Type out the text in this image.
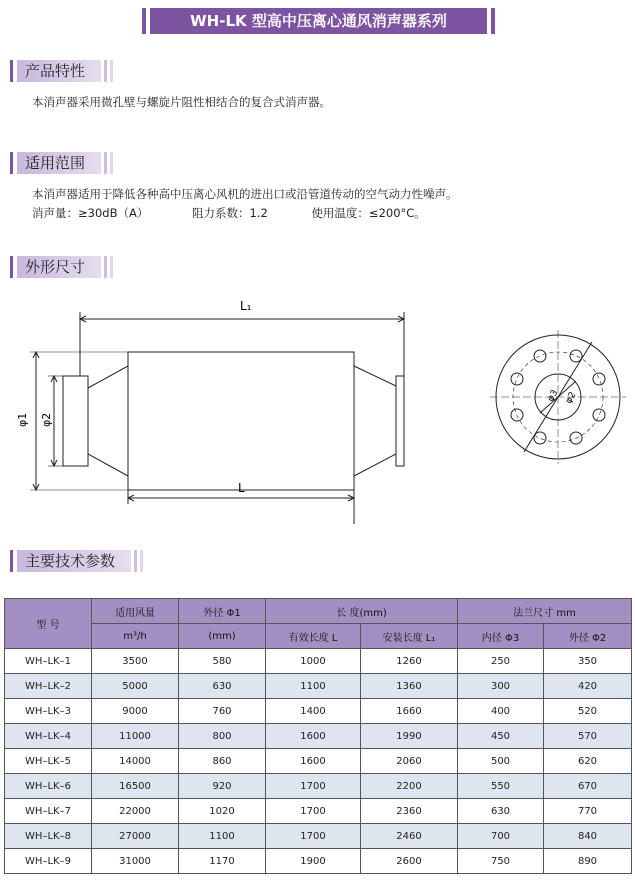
WH-LK 型高中压离心通风消声器系列
产品特性
本消声器采用微孔壁与螺旋片阻性相结合的复合式消声器。
适用范围
本消声器适用于降低各种高中压离心风机的进出口或沿管道传动的空气动力性噪声。
消声量：≥30dB（A）	阻力系数：1.2	使用温度：≤200°C。
外形尺寸
L₁
L
φ1 φ2
φ3 φ2
主要技术参数
型 号	适用风量	外径 Φ1	长 度(mm)		法兰尺寸 mm	
	m³/h	(mm)	有效长度 L	安装长度 L₁	内径 Φ3	外径 Φ2
WH–LK–1	3500	580	1000	1260	250	350
WH–LK–2	5000	630	1100	1360	300	420
WH–LK–3	9000	760	1400	1660	400	520
WH–LK–4	11000	800	1600	1990	450	570
WH–LK–5	14000	860	1600	2060	500	620
WH–LK–6	16500	920	1700	2200	550	670
WH–LK–7	22000	1020	1700	2360	630	770
WH–LK–8	27000	1100	1700	2460	700	840
WH–LK–9	31000	1170	1900	2600	750	890
